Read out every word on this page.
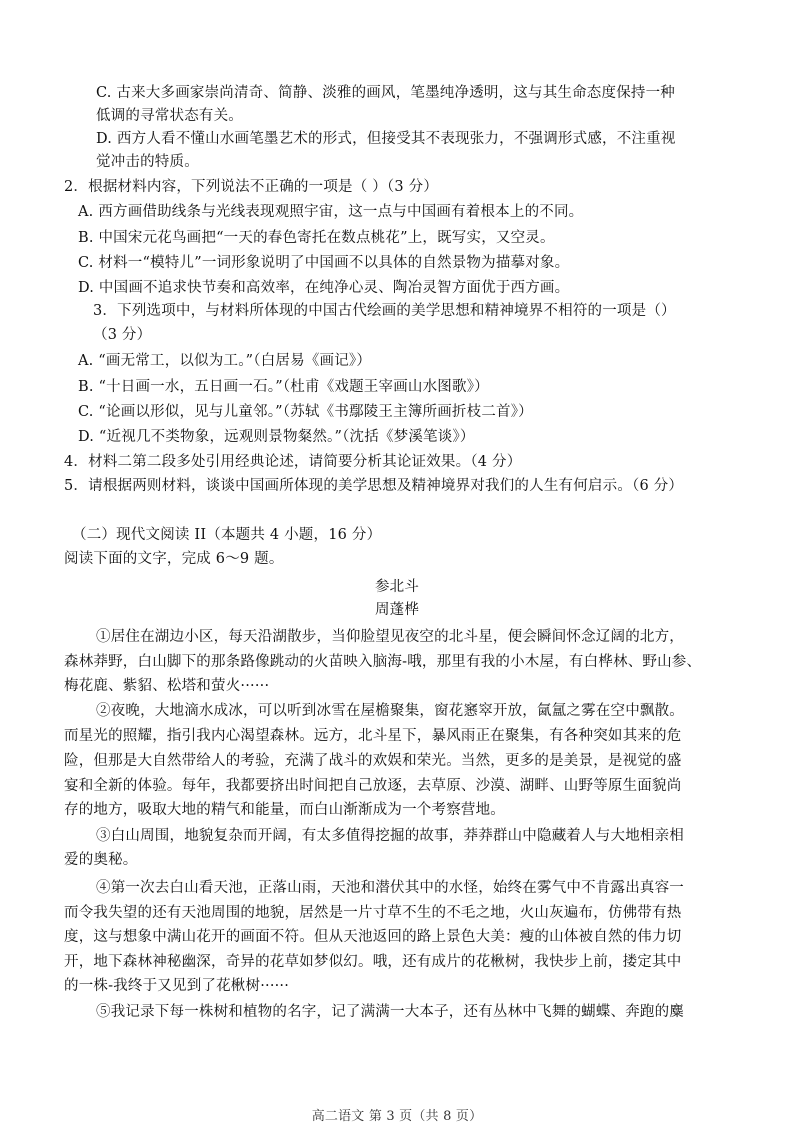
C. 古来大多画家崇尚清奇、简静、淡雅的画风，笔墨纯净透明，这与其生命态度保持一种
低调的寻常状态有关。
D. 西方人看不懂山水画笔墨艺术的形式，但接受其不表现张力，不强调形式感，不注重视
觉冲击的特质。
2．根据材料内容，下列说法不正确的一项是（ ）（3 分）
A. 西方画借助线条与光线表现观照宇宙，这一点与中国画有着根本上的不同。
B. 中国宋元花鸟画把“一天的春色寄托在数点桃花”上，既写实，又空灵。
C. 材料一“模特儿”一词形象说明了中国画不以具体的自然景物为描摹对象。
D. 中国画不追求快节奏和高效率，在纯净心灵、陶冶灵智方面优于西方画。
3．下列选项中，与材料所体现的中国古代绘画的美学思想和精神境界不相符的一项是（）
（3 分）
A. “画无常工，以似为工。”（白居易《画记》）
B. “十日画一水，五日画一石。”（杜甫《戏题王宰画山水图歌》）
C. “论画以形似，见与儿童邻。”（苏轼《书鄢陵王主簿所画折枝二首》）
D. “近视几不类物象，远观则景物粲然。”（沈括《梦溪笔谈》）
4．材料二第二段多处引用经典论述，请简要分析其论证效果。（4 分）
5．请根据两则材料，谈谈中国画所体现的美学思想及精神境界对我们的人生有何启示。（6 分）
（二）现代文阅读 II（本题共 4 小题，16 分）
阅读下面的文字，完成 6～9 题。
参北斗
周蓬桦
①居住在湖边小区，每天沿湖散步，当仰脸望见夜空的北斗星，便会瞬间怀念辽阔的北方，
森林莽野，白山脚下的那条路像跳动的火苗映入脑海-哦，那里有我的小木屋，有白桦林、野山参、
梅花鹿、紫貂、松塔和萤火······
②夜晚，大地滴水成冰，可以听到冰雪在屋檐聚集，窗花窸窣开放，氤氲之雾在空中飘散。
而星光的照耀，指引我内心渴望森林。远方，北斗星下，暴风雨正在聚集，有各种突如其来的危
险，但那是大自然带给人的考验，充满了战斗的欢娱和荣光。当然，更多的是美景，是视觉的盛
宴和全新的体验。每年，我都要挤出时间把自己放逐，去草原、沙漠、湖畔、山野等原生面貌尚
存的地方，吸取大地的精气和能量，而白山渐渐成为一个考察营地。
③白山周围，地貌复杂而开阔，有太多值得挖掘的故事，莽莽群山中隐藏着人与大地相亲相
爱的奥秘。
④第一次去白山看天池，正落山雨，天池和潜伏其中的水怪，始终在雾气中不肯露出真容一
而令我失望的还有天池周围的地貌，居然是一片寸草不生的不毛之地，火山灰遍布，仿佛带有热
度，这与想象中满山花开的画面不符。但从天池返回的路上景色大美：瘦的山体被自然的伟力切
开，地下森林神秘幽深，奇异的花草如梦似幻。哦，还有成片的花楸树，我快步上前，搂定其中
的一株-我终于又见到了花楸树······
⑤我记录下每一株树和植物的名字，记了满满一大本子，还有丛林中飞舞的蝴蝶、奔跑的麋
高二语文 第 3 页（共 8 页）
